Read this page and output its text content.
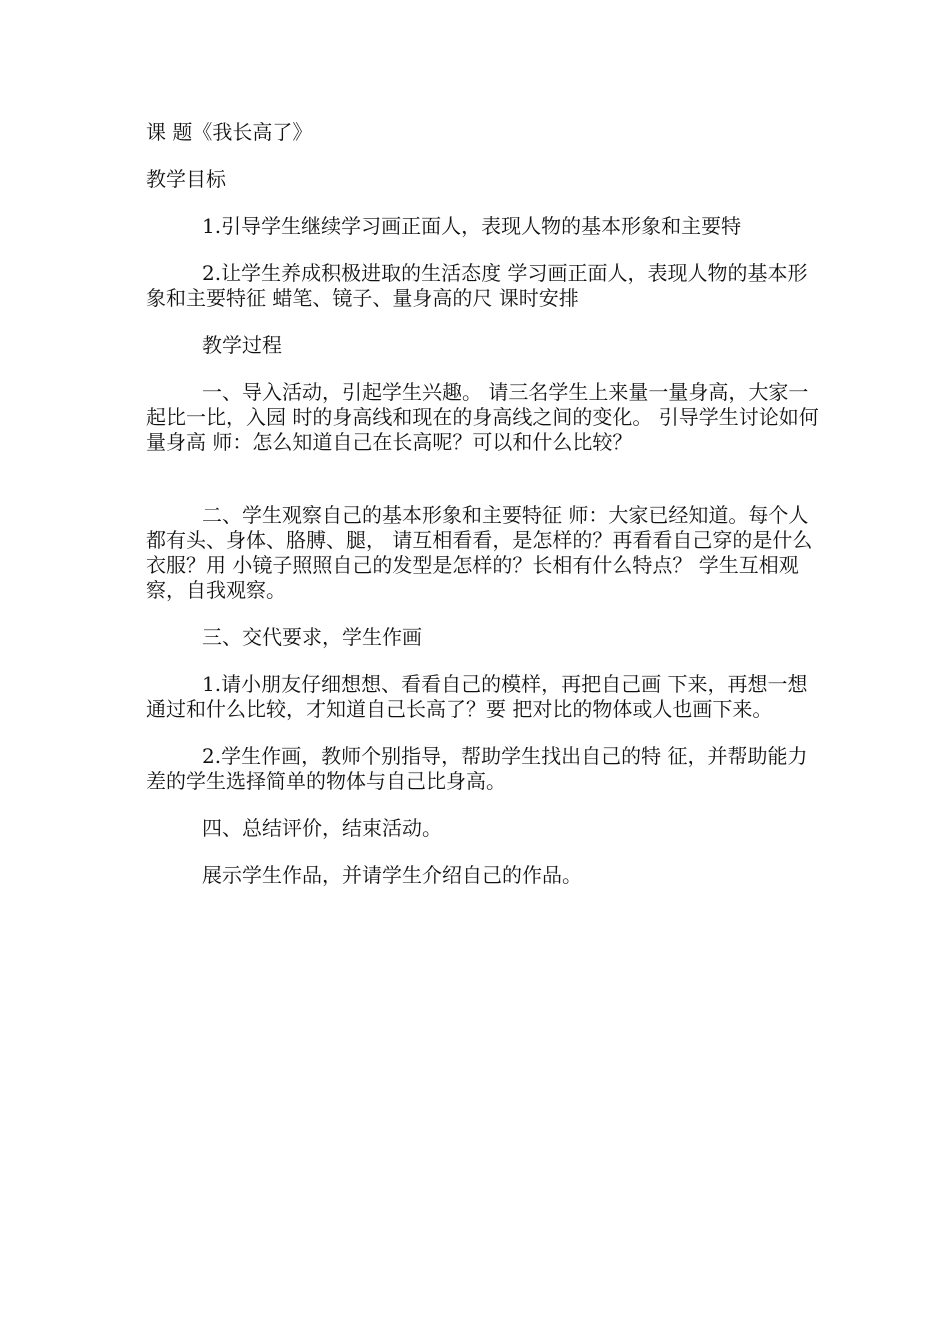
课 题《我长高了》

教学目标

1.引导学生继续学习画正面人，表现人物的基本形象和主要特

2.让学生养成积极进取的生活态度 学习画正面人，表现人物的基本形象和主要特征 蜡笔、镜子、量身高的尺 课时安排

教学过程

一、导入活动，引起学生兴趣。 请三名学生上来量一量身高，大家一起比一比，入园 时的身高线和现在的身高线之间的变化。 引导学生讨论如何量身高 师：怎么知道自己在长高呢？可以和什么比较？

二、学生观察自己的基本形象和主要特征 师：大家已经知道。每个人都有头、身体、胳膊、腿， 请互相看看，是怎样的？再看看自己穿的是什么衣服？用 小镜子照照自己的发型是怎样的？长相有什么特点？ 学生互相观察，自我观察。

三、交代要求，学生作画

1.请小朋友仔细想想、看看自己的模样，再把自己画 下来，再想一想通过和什么比较，才知道自己长高了？要 把对比的物体或人也画下来。

2.学生作画，教师个别指导，帮助学生找出自己的特 征，并帮助能力差的学生选择简单的物体与自己比身高。

四、总结评价，结束活动。

展示学生作品，并请学生介绍自己的作品。
